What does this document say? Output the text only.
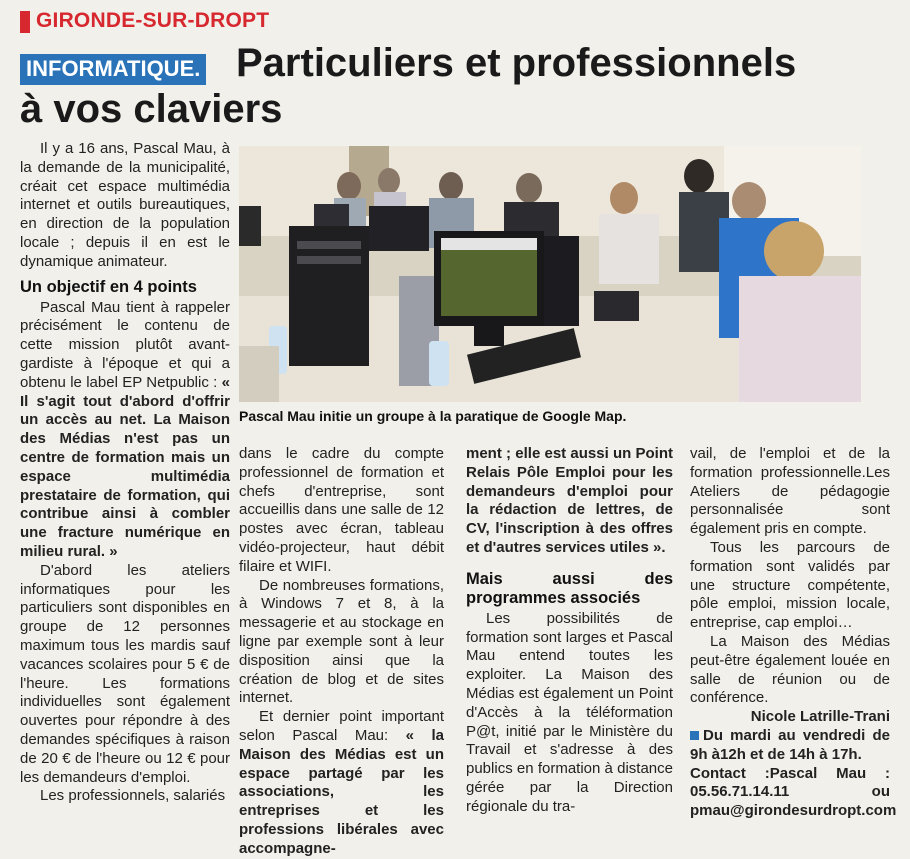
GIRONDE-SUR-DROPT
INFORMATIQUE. Particuliers et professionnels
à vos claviers

Il y a 16 ans, Pascal Mau, à la demande de la municipalité, créait cet espace multimédia internet et outils bureautiques, en direction de la population locale ; depuis il en est le dynamique animateur.

Un objectif en 4 points

Pascal Mau tient à rappeler précisément le contenu de cette mission plutôt avant-gardiste à l'époque et qui a obtenu le label EP Netpublic : « Il s'agit tout d'abord d'offrir un accès au net. La Maison des Médias n'est pas un centre de formation mais un espace multimédia prestataire de formation, qui contribue ainsi à combler une fracture numérique en milieu rural. »

D'abord les ateliers informatiques pour les particuliers sont disponibles en groupe de 12 personnes maximum tous les mardis sauf vacances scolaires pour 5 € de l'heure. Les formations individuelles sont également ouvertes pour répondre à des demandes spécifiques à raison de 20 € de l'heure ou 12 € pour les demandeurs d'emploi.

Les professionnels, salariés

Pascal Mau initie un groupe à la paratique de Google Map.

dans le cadre du compte professionnel de formation et chefs d'entreprise, sont accueillis dans une salle de 12 postes avec écran, tableau vidéo-projecteur, haut débit filaire et WIFI.

De nombreuses formations, à Windows 7 et 8, à la messagerie et au stockage en ligne par exemple sont à leur disposition ainsi que la création de blog et de sites internet.

Et dernier point important selon Pascal Mau: « la Maison des Médias est un espace partagé par les associations, les entreprises et les professions libérales avec accompagne-

ment ; elle est aussi un Point Relais Pôle Emploi pour les demandeurs d'emploi pour la rédaction de lettres, de CV, l'inscription à des offres et d'autres services utiles ».

Mais aussi des programmes associés

Les possibilités de formation sont larges et Pascal Mau entend toutes les exploiter. La Maison des Médias est également un Point d'Accès à la téléformation P@t, initié par le Ministère du Travail et s'adresse à des publics en formation à distance gérée par la Direction régionale du tra-

vail, de l'emploi et de la formation professionnelle.Les Ateliers de pédagogie personnalisée sont également pris en compte.

Tous les parcours de formation sont validés par une structure compétente, pôle emploi, mission locale, entreprise, cap emploi…

La Maison des Médias peut-être également louée en salle de réunion ou de conférence.

Nicole Latrille-Trani

Du mardi au vendredi de 9h à12h et de 14h à 17h.

Contact :Pascal Mau : 05.56.71.14.11 ou pmau@girondesurdropt.com
